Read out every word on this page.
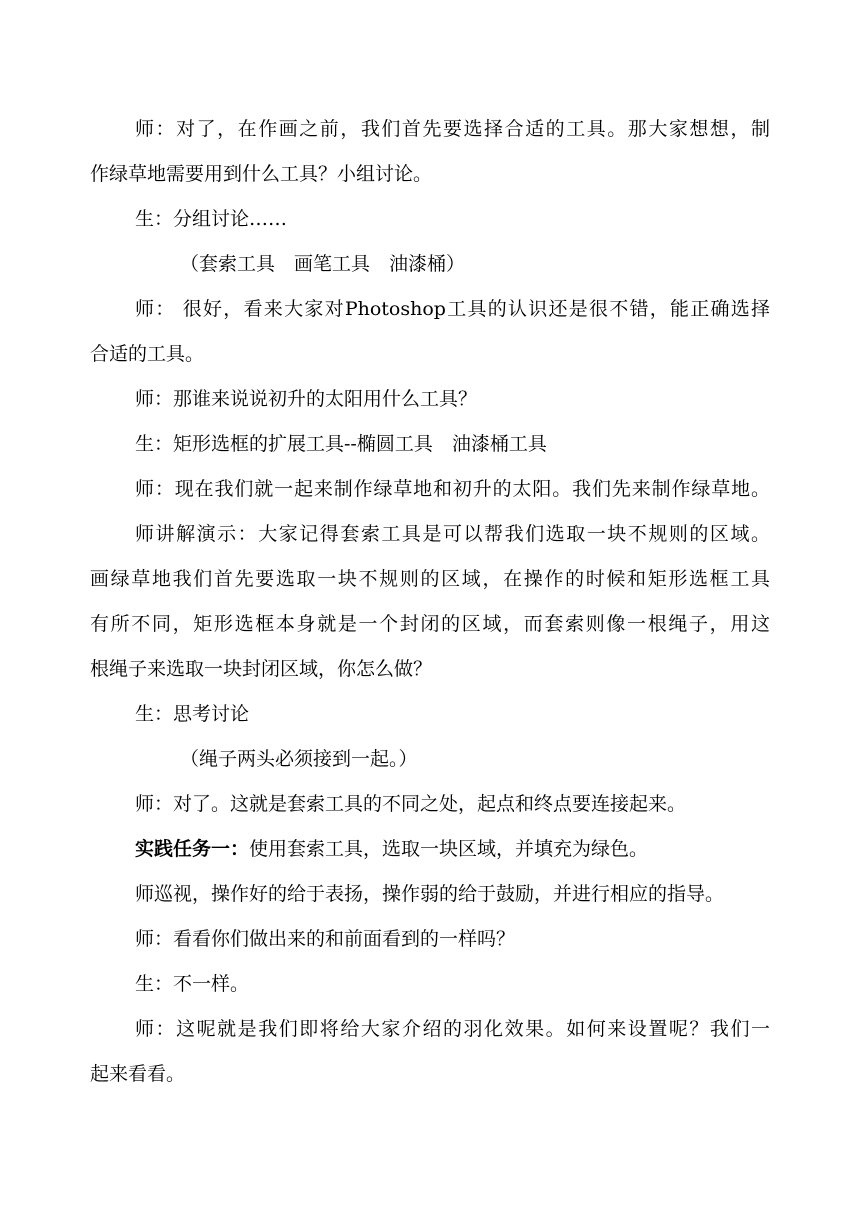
师：对了，在作画之前，我们首先要选择合适的工具。那大家想想，制
作绿草地需要用到什么工具？小组讨论。
生：分组讨论……
（套索工具　画笔工具　油漆桶）
师： 很好，看来大家对Photoshop工具的认识还是很不错，能正确选择
合适的工具。
师：那谁来说说初升的太阳用什么工具？
生：矩形选框的扩展工具--椭圆工具　油漆桶工具
师：现在我们就一起来制作绿草地和初升的太阳。我们先来制作绿草地。
师讲解演示：大家记得套索工具是可以帮我们选取一块不规则的区域。
画绿草地我们首先要选取一块不规则的区域，在操作的时候和矩形选框工具
有所不同，矩形选框本身就是一个封闭的区域，而套索则像一根绳子，用这
根绳子来选取一块封闭区域，你怎么做？
生：思考讨论
（绳子两头必须接到一起。）
师：对了。这就是套索工具的不同之处，起点和终点要连接起来。
实践任务一：使用套索工具，选取一块区域，并填充为绿色。
师巡视，操作好的给于表扬，操作弱的给于鼓励，并进行相应的指导。
师：看看你们做出来的和前面看到的一样吗？
生：不一样。
师：这呢就是我们即将给大家介绍的羽化效果。如何来设置呢？我们一
起来看看。
